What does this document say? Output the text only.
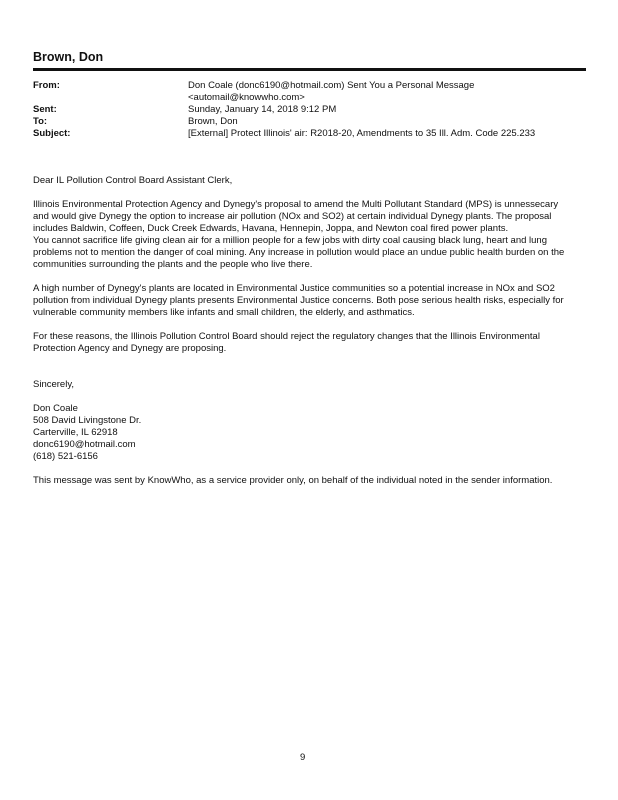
Brown, Don
From:	Don Coale (donc6190@hotmail.com) Sent You a Personal Message
<automail@knowwho.com>
Sent:	Sunday, January 14, 2018 9:12 PM
To:	Brown, Don
Subject:	[External] Protect Illinois' air: R2018-20, Amendments to 35 Ill. Adm. Code 225.233

Dear IL Pollution Control Board Assistant Clerk,

Illinois Environmental Protection Agency and Dynegy's proposal to amend the Multi Pollutant Standard (MPS) is unnessecary and would give Dynegy the option to increase air pollution (NOx and SO2) at certain individual Dynegy plants. The proposal includes Baldwin, Coffeen, Duck Creek Edwards, Havana, Hennepin, Joppa, and Newton coal fired power plants.

You cannot sacrifice life giving clean air for a million people for a few jobs with dirty coal causing black lung, heart and lung problems not to mention the danger of coal mining. Any increase in pollution would place an undue public health burden on the communities surrounding the plants and the people who live there.

A high number of Dynegy's plants are located in Environmental Justice communities so a potential increase in NOx and SO2 pollution from individual Dynegy plants presents Environmental Justice concerns. Both pose serious health risks, especially for vulnerable community members like infants and small children, the elderly, and asthmatics.

For these reasons, the Illinois Pollution Control Board should reject the regulatory changes that the Illinois Environmental Protection Agency and Dynegy are proposing.

Sincerely,

Don Coale

508 David Livingstone Dr.

Carterville, IL 62918

donc6190@hotmail.com

(618) 521-6156

This message was sent by KnowWho, as a service provider only, on behalf of the individual noted in the sender information.

9
